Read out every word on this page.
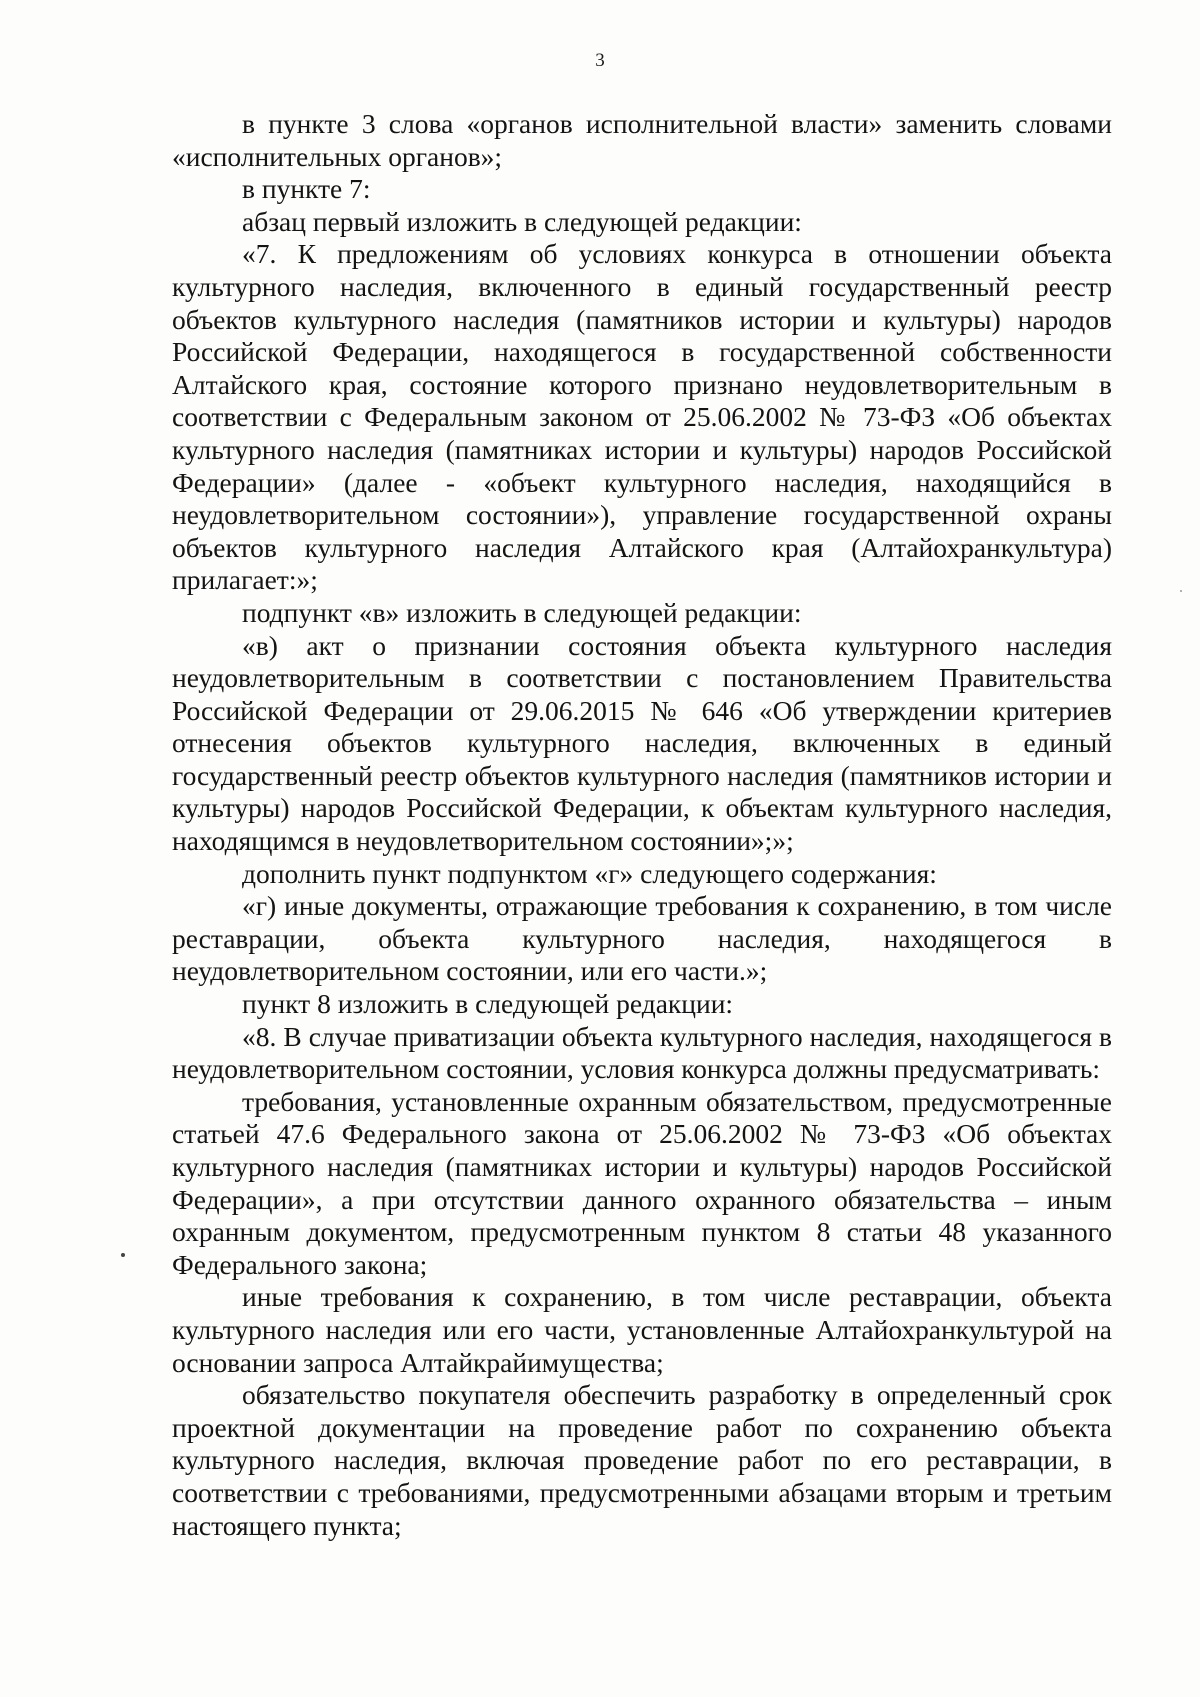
3

в пункте 3 слова «органов исполнительной власти» заменить словами «исполнительных органов»;

в пункте 7:

абзац первый изложить в следующей редакции:

«7. К предложениям об условиях конкурса в отношении объекта культурного наследия, включенного в единый государственный реестр объектов культурного наследия (памятников истории и культуры) народов Российской Федерации, находящегося в государственной собственности Алтайского края, состояние которого признано неудовлетворительным в соответствии с Федеральным законом от 25.06.2002 № 73-ФЗ «Об объектах культурного наследия (памятниках истории и культуры) народов Российской Федерации» (далее - «объект культурного наследия, находящийся в неудовлетворительном состоянии»), управление государственной охраны объектов культурного наследия Алтайского края (Алтайохранкультура) прилагает:»;

подпункт «в» изложить в следующей редакции:

«в) акт о признании состояния объекта культурного наследия неудовлетворительным в соответствии с постановлением Правительства Российской Федерации от 29.06.2015 № 646 «Об утверждении критериев отнесения объектов культурного наследия, включенных в единый государственный реестр объектов культурного наследия (памятников истории и культуры) народов Российской Федерации, к объектам культурного наследия, находящимся в неудовлетворительном состоянии»;»;

дополнить пункт подпунктом «г» следующего содержания:

«г) иные документы, отражающие требования к сохранению, в том числе реставрации, объекта культурного наследия, находящегося в неудовлетворительном состоянии, или его части.»;

пункт 8 изложить в следующей редакции:

«8. В случае приватизации объекта культурного наследия, находящегося в неудовлетворительном состоянии, условия конкурса должны предусматривать:

требования, установленные охранным обязательством, предусмотренные статьей 47.6 Федерального закона от 25.06.2002 № 73-ФЗ «Об объектах культурного наследия (памятниках истории и культуры) народов Российской Федерации», а при отсутствии данного охранного обязательства – иным охранным документом, предусмотренным пунктом 8 статьи 48 указанного Федерального закона;

иные требования к сохранению, в том числе реставрации, объекта культурного наследия или его части, установленные Алтайохранкультурой на основании запроса Алтайкрайимущества;

обязательство покупателя обеспечить разработку в определенный срок проектной документации на проведение работ по сохранению объекта культурного наследия, включая проведение работ по его реставрации, в соответствии с требованиями, предусмотренными абзацами вторым и третьим настоящего пункта;
